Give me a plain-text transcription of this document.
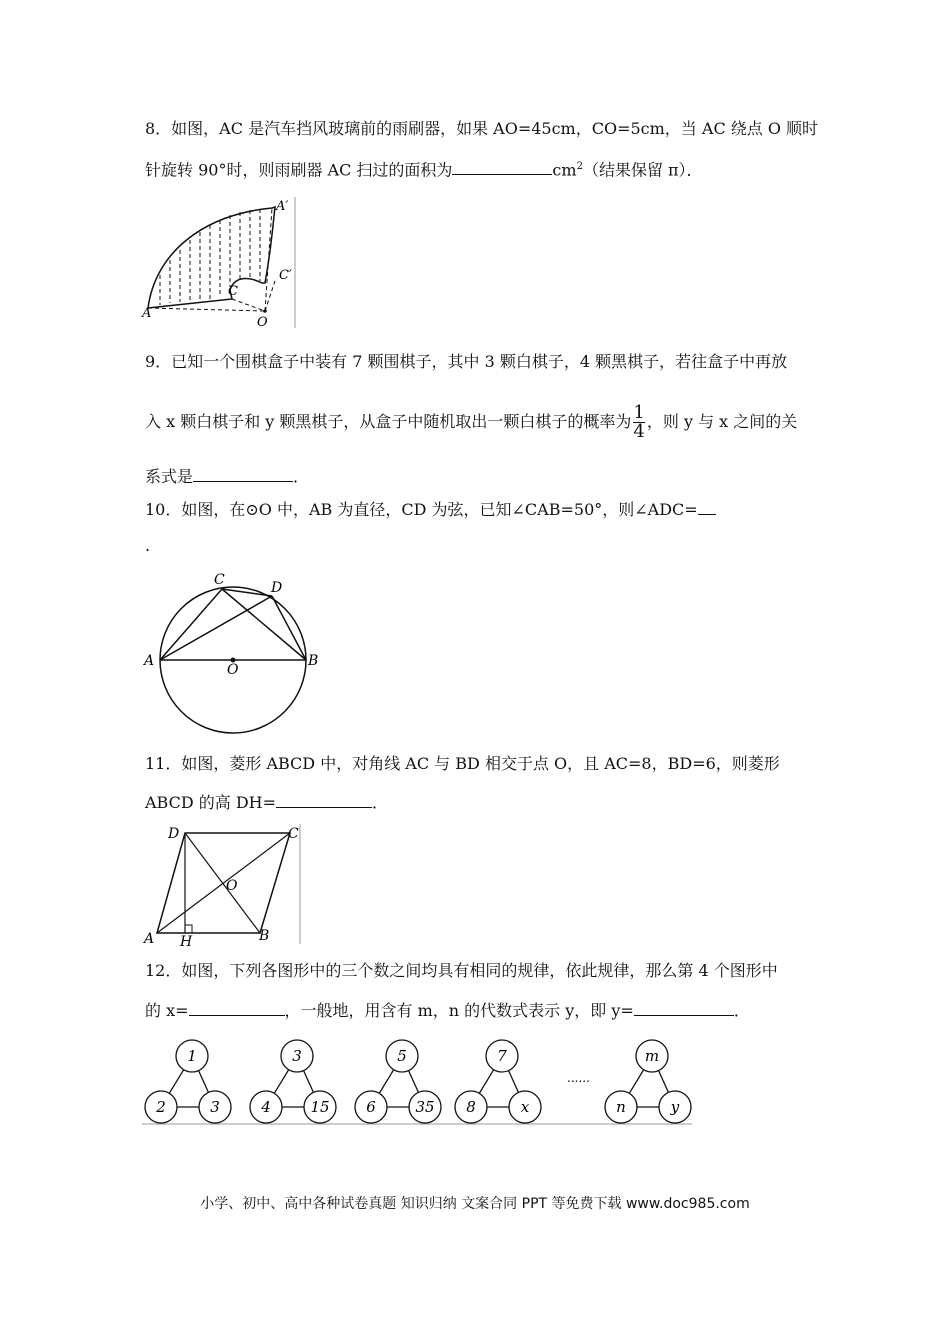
8．如图，AC 是汽车挡风玻璃前的雨刷器，如果 AO=45cm，CO=5cm，当 AC 绕点 O 顺时
针旋转 90°时，则雨刷器 AC 扫过的面积为	$cm^2$（结果保留 π）．
A
C
O
A′
C′
9．已知一个围棋盒子中装有 7 颗围棋子，其中 3 颗白棋子，4 颗黑棋子，若往盒子中再放
入 x 颗白棋子和 y 颗黑棋子，从盒子中随机取出一颗白棋子的概率为 $\frac{1}{4}$ ，则 y 与 x 之间的关
系式是	．
10．如图，在⊙O 中，AB 为直径，CD 为弦，已知∠CAB=50°，则∠ADC=
.
A	B
C	D
O
11．如图，菱形 ABCD 中，对角线 AC 与 BD 相交于点 O，且 AC=8，BD=6，则菱形
ABCD 的高 DH=	．
A	B
C
D
O
H
12．如图，下列各图形中的三个数之间均具有相同的规律，依此规律，那么第 4 个图形中
的 x=	，一般地，用含有 m，n 的代数式表示 y，即 y=	．
1
2	3
3
4	15
5
6	35
7
8	x
m
n	y
......
小学、初中、高中各种试卷真题 知识归纳 文案合同 PPT 等免费下载 www.doc985.com
